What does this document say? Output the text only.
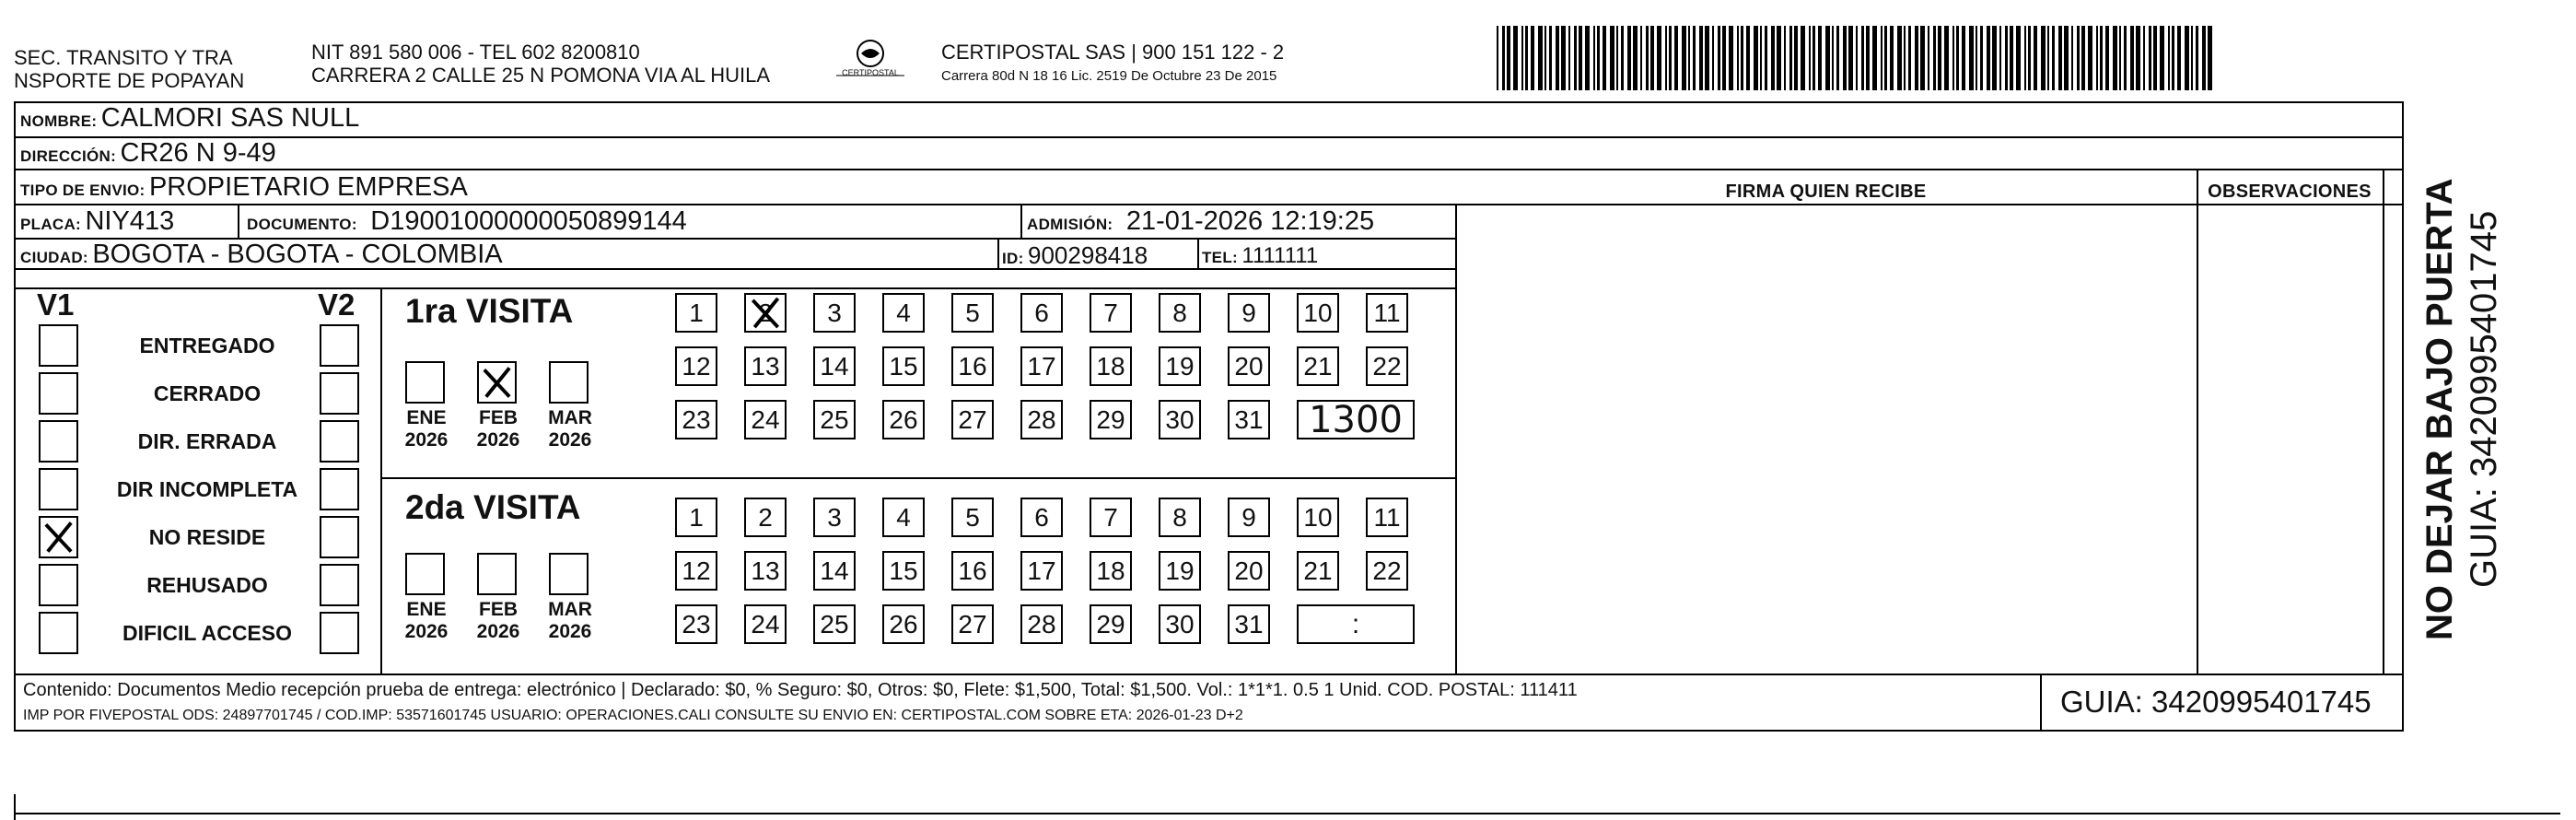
SEC. TRANSITO Y TRA
NSPORTE DE POPAYAN
NIT 891 580 006 - TEL 602 8200810
CARRERA 2 CALLE 25 N POMONA VIA AL HUILA	CERTIPOSTAL
CERTIPOSTAL SAS | 900 151 122 - 2
Carrera 80d N 18 16 Lic. 2519 De Octubre 23 De 2015
NOMBRE: CALMORI SAS NULL
DIRECCIÓN: CR26 N 9-49
TIPO DE ENVIO: PROPIETARIO EMPRESA	FIRMA QUIEN RECIBE	OBSERVACIONES
PLACA: NIY413	DOCUMENTO: D19001000000050899144	ADMISIÓN: 21-01-2026 12:19:25
CIUDAD: BOGOTA - BOGOTA - COLOMBIA	ID: 900298418	TEL: 1111111
V1	V2 1ra VISITA
2da VISITA
Contenido: Documentos Medio recepción prueba de entrega: electrónico | Declarado: $0, % Seguro: $0, Otros: $0, Flete: $1,500, Total: $1,500. Vol.: 1*1*1. 0.5 1 Unid. COD. POSTAL: 111411
IMP POR FIVEPOSTAL ODS: 24897701745 / COD.IMP: 53571601745 USUARIO: OPERACIONES.CALI CONSULTE SU ENVIO EN: CERTIPOSTAL.COM SOBRE ETA: 2026-01-23 D+2	GUIA: 3420995401745
NO DEJAR BAJO PUERTA GUIA: 3420995401745
ENTREGADO
CERRADO
DIR. ERRADA
DIR INCOMPLETA
NO RESIDE
REHUSADO
DIFICIL ACCESO
ENE
2026
FEB
2026
MAR
2026
ENE
2026
FEB
2026
MAR
2026
1 2 3 4 5 6 7 8 9 10 11
12 13 14 15 16 17 18 19 20 21 22
23 24 25 26 27 28 29 30 31 1300
1 2 3 4 5 6 7 8 9 10 11
12 13 14 15 16 17 18 19 20 21 22
23 24 25 26 27 28 29 30 31	:
